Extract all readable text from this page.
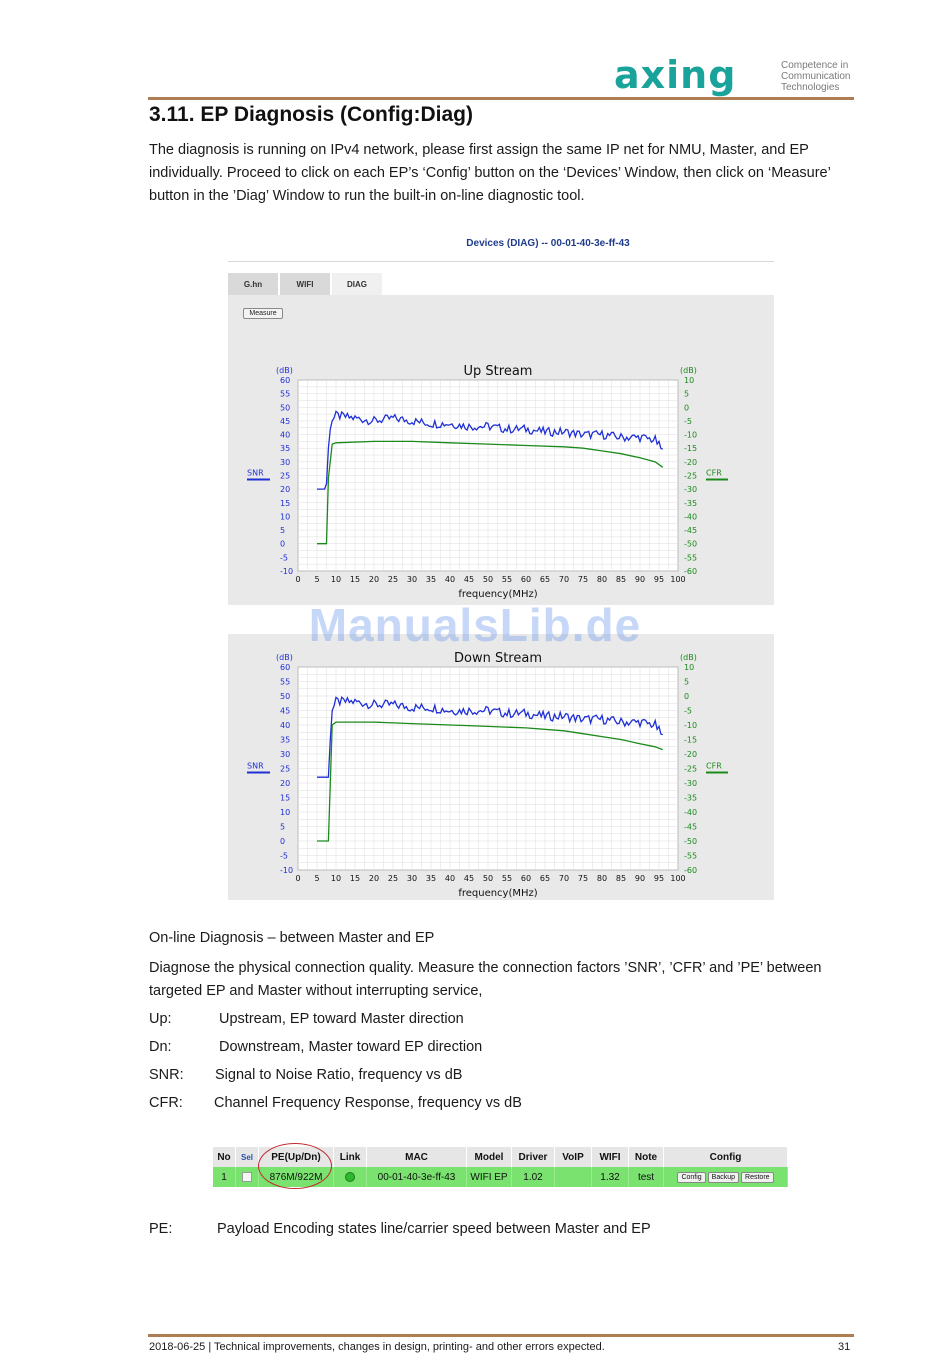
axing	Competence in
Communication
Technologies
3.11. EP Diagnosis (Config:Diag)
The diagnosis is running on IPv4 network, please first assign the same IP net for NMU, Master, and EP
individually. Proceed to click on each EP’s ‘Config’ button on the ‘Devices’ Window, then click on ‘Measure’
button in the ’Diag’ Window to run the built-in on-line diagnostic tool.
Devices (DIAG) -- 00-01-40-3e-ff-43
G.hn	WIFI	DIAG
Measure
Up Stream
0 5 10 15 20 25 30 35 40 45 50 55 60 65 70 75 80 85 90 95 100
frequency(MHz)
(dB)
60
55
50
45
40
35
30
25
20
15
10
5
0
-5
-10
(dB)
10
5
0
-5
-10
-15
-20
-25
-30
-35
-40
-45
-50
-55
-60
SNR	CFR
Down Stream
0 5 10 15 20 25 30 35 40 45 50 55 60 65 70 75 80 85 90 95 100
frequency(MHz)
(dB)
60
55
50
45
40
35
30
25
20
15
10
5
0
-5
-10
(dB)
10
5
0
-5
-10
-15
-20
-25
-30
-35
-40
-45
-50
-55
-60
SNR	CFR
ManualsLib.de
On-line Diagnosis – between Master and EP
Diagnose the physical connection quality. Measure the connection factors ’SNR’, ’CFR’ and ’PE’ between
targeted EP and Master without interrupting service,
Up:	Upstream, EP toward Master direction
Dn:	Downstream, Master toward EP direction
SNR: Signal to Noise Ratio, frequency vs dB
CFR: Channel Frequency Response, frequency vs dB
No	Sel	PE(Up/Dn)	Link	MAC	Model	Driver	VoIP	WIFI	Note	Config
1		876M/922M		00-01-40-3e-ff-43	WIFI EP	1.02		1.32	test	Config Backup Restore
PE:	Payload Encoding states line/carrier speed between Master and EP
2018-06-25 | Technical improvements, changes in design, printing- and other errors expected.	31
